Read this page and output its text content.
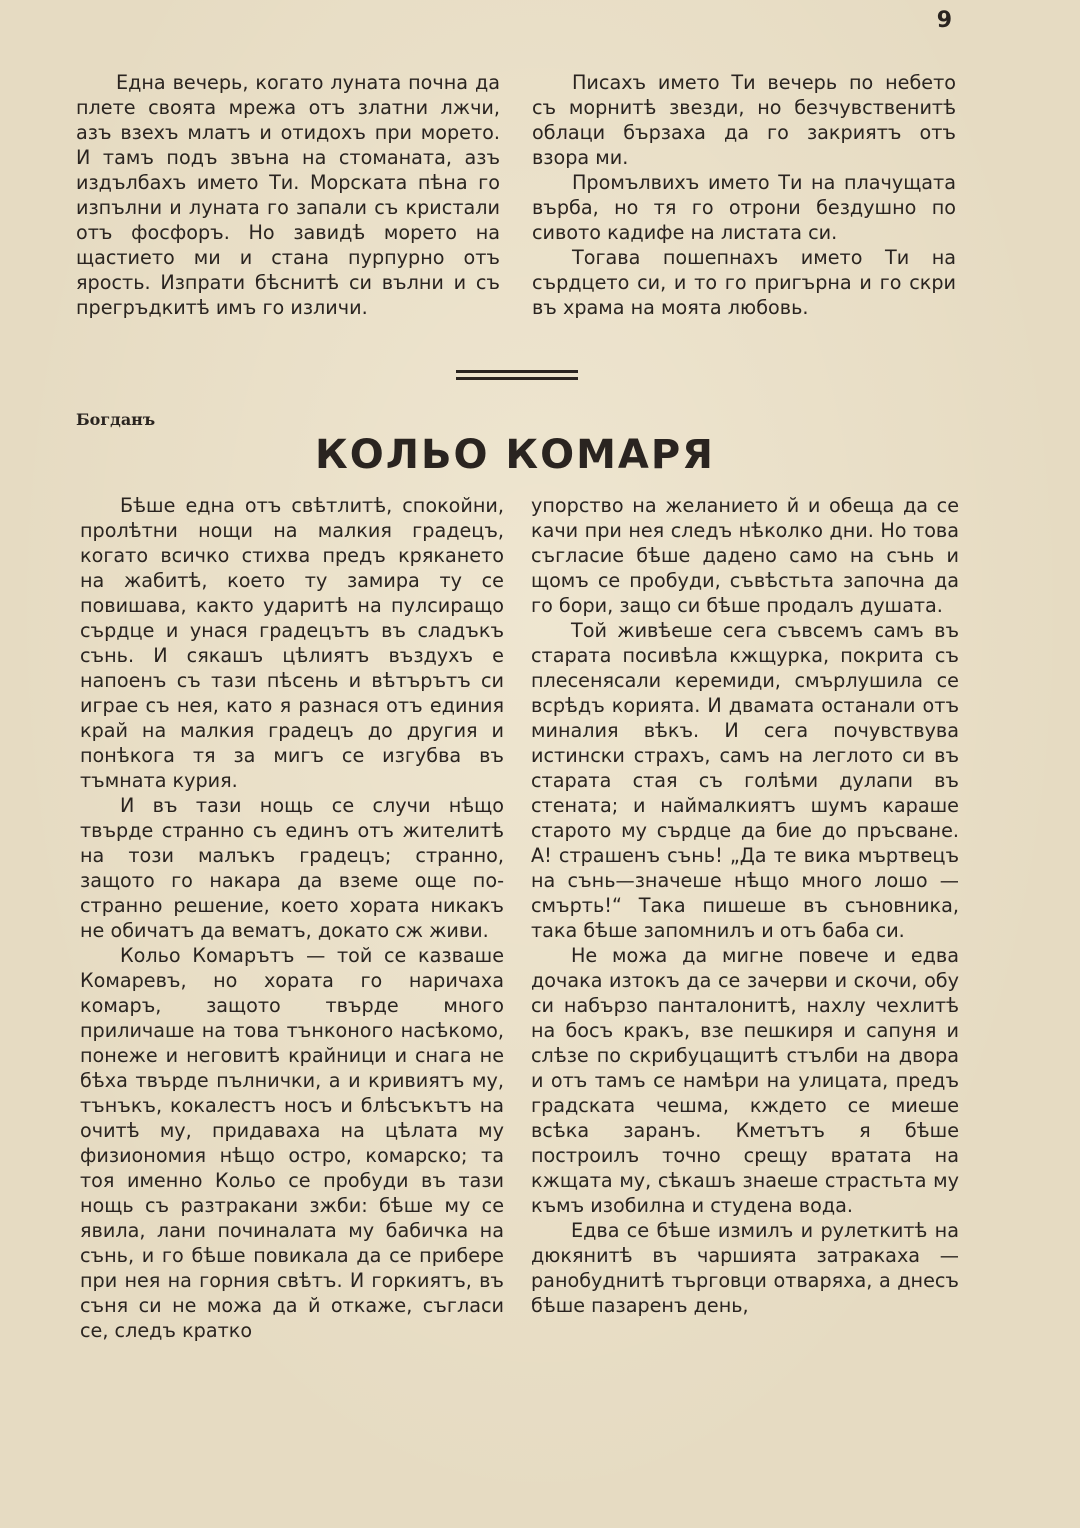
9

Една вечерь, когато луната почна да плете своята мрежа отъ златни лжчи, азъ взехъ млатъ и отидохъ при морето. И тамъ подъ звъна на стоманата, азъ издълбахъ името Ти. Морската пѣна го изпълни и луната го запали съ кристали отъ фосфоръ. Но завидѣ морето на щастието ми и стана пурпурно отъ ярость. Изпрати бѣснитѣ си вълни и съ прегръдкитѣ имъ го изличи.

Писахъ името Ти вечерь по небето съ морнитѣ звезди, но безчувственитѣ облаци бързаха да го закриятъ отъ взора ми.

Промълвихъ името Ти на плачущата върба, но тя го отрони бездушно по сивото кадифе на листата си.

Тогава пошепнахъ името Ти на сърдцето си, и то го пригърна и го скри въ храма на моята любовь.

Богданъ
КОЛЬО КОМАРЯ

Бѣше една отъ свѣтлитѣ, спокойни, пролѣтни нощи на малкия градецъ, когато всичко стихва предъ крякането на жабитѣ, което ту замира ту се повишава, както ударитѣ на пулсиращо сърдце и унася градецътъ въ сладъкъ сънь. И сякашъ цѣлиятъ въздухъ е напоенъ съ тази пѣсень и вѣтърътъ си играе съ нея, като я разнася отъ единия край на малкия градецъ до другия и понѣкога тя за мигъ се изгубва въ тъмната курия.

И въ тази нощь се случи нѣщо твърде странно съ единъ отъ жителитѣ на този малъкъ градецъ; странно, защото го накара да вземе още по-странно решение, което хората никакъ не обичатъ да вематъ, докато сж живи.

Кольо Комарътъ — той се казваше Комаревъ, но хората го наричаха комаръ, защото твърде много приличаше на това тънконого насѣкомо, понеже и неговитѣ крайници и снага не бѣха твърде пълнички, а и кривиятъ му, тънъкъ, кокалестъ носъ и блѣсъкътъ на очитѣ му, придаваха на цѣлата му физиономия нѣщо остро, комарско; та тоя именно Кольо се пробуди въ тази нощь съ разтракани зжби: бѣше му се явила, лани починалата му бабичка на сънь, и го бѣше повикала да се прибере при нея на горния свѣтъ. И горкиятъ, въ съня си не можа да й откаже, съгласи се, следъ кратко

упорство на желанието й и обеща да се качи при нея следъ нѣколко дни. Но това съгласие бѣше дадено само на сънь и щомъ се пробуди, съвѣстьта започна да го бори, защо си бѣше продалъ душата.

Той живѣеше сега съвсемъ самъ въ старата посивѣла кжщурка, покрита съ плесенясали керемиди, смърлушила се всрѣдъ корията. И двамата останали отъ миналия вѣкъ. И сега почувствува истински страхъ, самъ на леглото си въ старата стая съ голѣми дулапи въ стената; и наймалкиятъ шумъ караше старото му сърдце да бие до пръсване. А! страшенъ сънь! „Да те вика мъртвецъ на сънь—значеше нѣщо много лошо —смърть!“ Така пишеше въ съновника, така бѣше запомнилъ и отъ баба си.

Не можа да мигне повече и едва дочака изтокъ да се зачерви и скочи, обу си набързо панталонитѣ, нахлу чехлитѣ на босъ кракъ, взе пешкиря и сапуня и слѣзе по скрибуцащитѣ стълби на двора и отъ тамъ се намѣри на улицата, предъ градската чешма, кждето се миеше всѣка заранъ. Кметътъ я бѣше построилъ точно срещу вратата на кжщата му, сѣкашъ знаеше страстьта му къмъ изобилна и студена вода.

Едва се бѣше измилъ и рулеткитѣ на дюкянитѣ въ чаршията затракаха — ранобуднитѣ търговци отваряха, а днесъ бѣше пазаренъ день,
